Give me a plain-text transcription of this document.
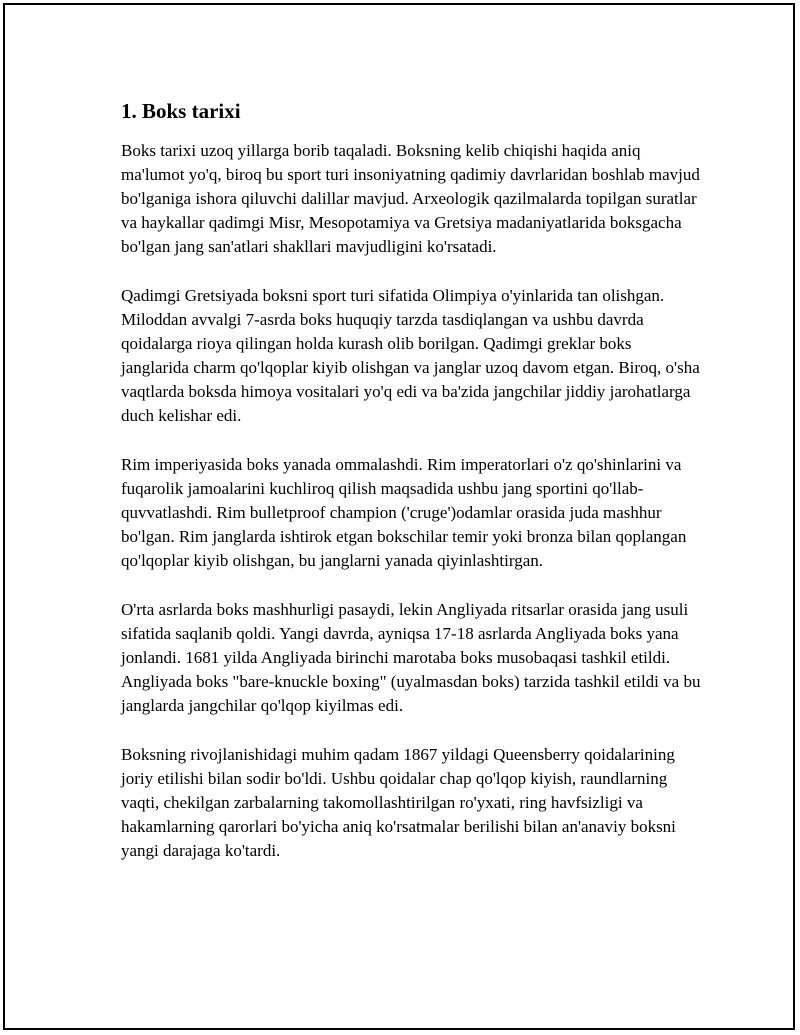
1. Boks tarixi

Boks tarixi uzoq yillarga borib taqaladi. Boksning kelib chiqishi haqida aniq ma'lumot yo'q, biroq bu sport turi insoniyatning qadimiy davrlaridan boshlab mavjud bo'lganiga ishora qiluvchi dalillar mavjud. Arxeologik qazilmalarda topilgan suratlar va haykallar qadimgi Misr, Mesopotamiya va Gretsiya madaniyatlarida boksgacha bo'lgan jang san'atlari shakllari mavjudligini ko'rsatadi.

Qadimgi Gretsiyada boksni sport turi sifatida Olimpiya o'yinlarida tan olishgan. Miloddan avvalgi 7-asrda boks huquqiy tarzda tasdiqlangan va ushbu davrda qoidalarga rioya qilingan holda kurash olib borilgan. Qadimgi greklar boks janglarida charm qo'lqoplar kiyib olishgan va janglar uzoq davom etgan. Biroq, o'sha vaqtlarda boksda himoya vositalari yo'q edi va ba'zida jangchilar jiddiy jarohatlarga duch kelishar edi.

Rim imperiyasida boks yanada ommalashdi. Rim imperatorlari o'z qo'shinlarini va fuqarolik jamoalarini kuchliroq qilish maqsadida ushbu jang sportini qo'llab-quvvatlashdi. Rim bulletproof champion ('cruge')odamlar orasida juda mashhur bo'lgan. Rim janglarda ishtirok etgan bokschilar temir yoki bronza bilan qoplangan qo'lqoplar kiyib olishgan, bu janglarni yanada qiyinlashtirgan.

O'rta asrlarda boks mashhurligi pasaydi, lekin Angliyada ritsarlar orasida jang usuli sifatida saqlanib qoldi. Yangi davrda, ayniqsa 17-18 asrlarda Angliyada boks yana jonlandi. 1681 yilda Angliyada birinchi marotaba boks musobaqasi tashkil etildi. Angliyada boks "bare-knuckle boxing" (uyalmasdan boks) tarzida tashkil etildi va bu janglarda jangchilar qo'lqop kiyilmas edi.

Boksning rivojlanishidagi muhim qadam 1867 yildagi Queensberry qoidalarining joriy etilishi bilan sodir bo'ldi. Ushbu qoidalar chap qo'lqop kiyish, raundlarning vaqti, chekilgan zarbalarning takomollashtirilgan ro'yxati, ring havfsizligi va hakamlarning qarorlari bo'yicha aniq ko'rsatmalar berilishi bilan an'anaviy boksni yangi darajaga ko'tardi.
